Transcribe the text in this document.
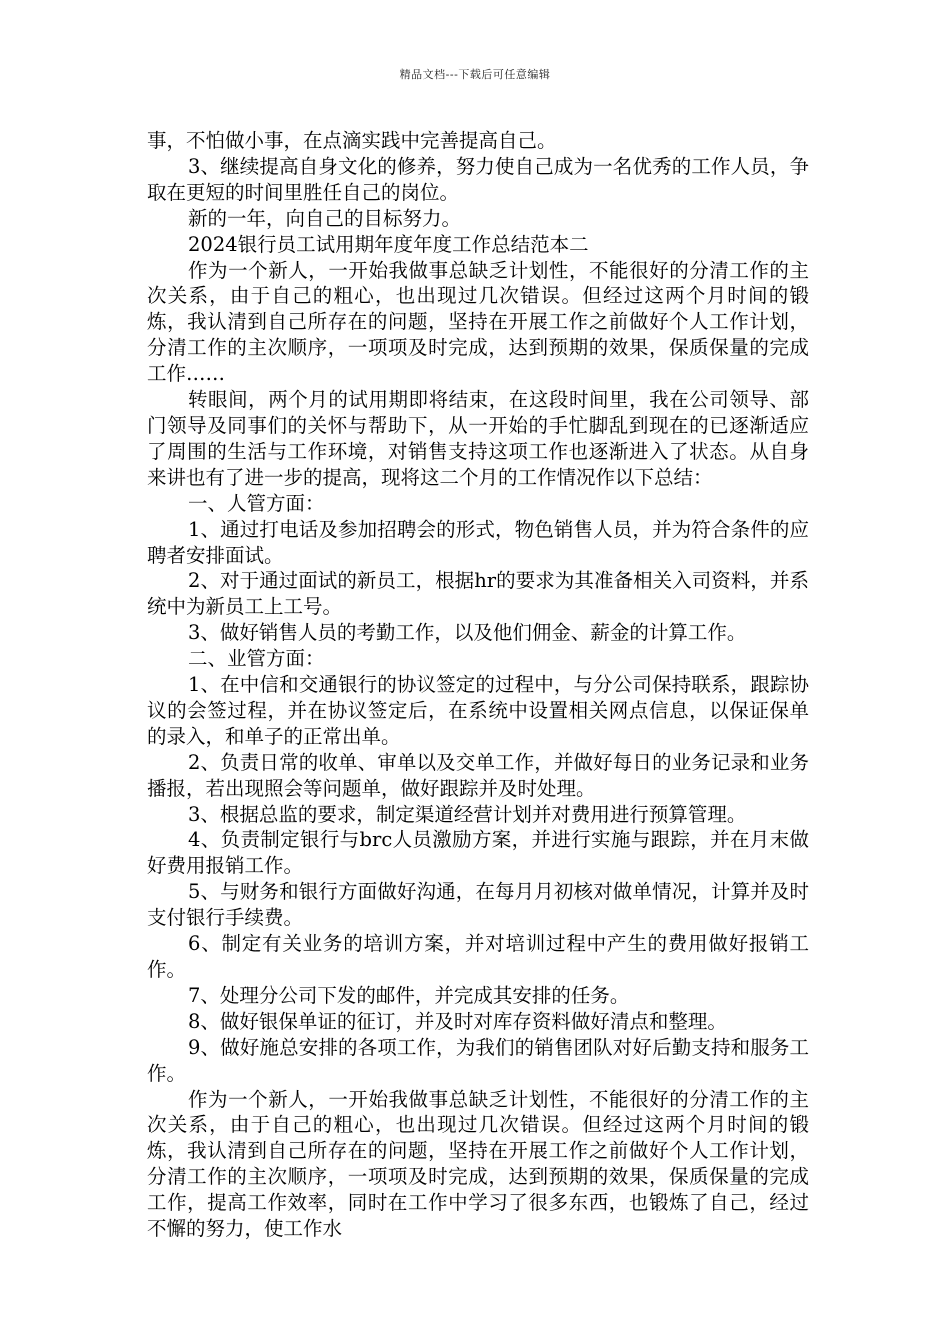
精品文档---下载后可任意编辑

事，不怕做小事，在点滴实践中完善提高自己。

3、继续提高自身文化的修养，努力使自己成为一名优秀的工作人员，争取在更短的时间里胜任自己的岗位。

新的一年，向自己的目标努力。

2024银行员工试用期年度年度工作总结范本二

作为一个新人，一开始我做事总缺乏计划性，不能很好的分清工作的主次关系，由于自己的粗心，也出现过几次错误。但经过这两个月时间的锻炼，我认清到自己所存在的问题，坚持在开展工作之前做好个人工作计划，分清工作的主次顺序，一项项及时完成，达到预期的效果，保质保量的完成工作……

转眼间，两个月的试用期即将结束，在这段时间里，我在公司领导、部门领导及同事们的关怀与帮助下，从一开始的手忙脚乱到现在的已逐渐适应了周围的生活与工作环境，对销售支持这项工作也逐渐进入了状态。从自身来讲也有了进一步的提高，现将这二个月的工作情况作以下总结：

一、人管方面：

1、通过打电话及参加招聘会的形式，物色销售人员，并为符合条件的应聘者安排面试。

2、对于通过面试的新员工，根据hr的要求为其准备相关入司资料，并系统中为新员工上工号。

3、做好销售人员的考勤工作，以及他们佣金、薪金的计算工作。

二、业管方面：

1、在中信和交通银行的协议签定的过程中，与分公司保持联系，跟踪协议的会签过程，并在协议签定后，在系统中设置相关网点信息，以保证保单的录入，和单子的正常出单。

2、负责日常的收单、审单以及交单工作，并做好每日的业务记录和业务播报，若出现照会等问题单，做好跟踪并及时处理。

3、根据总监的要求，制定渠道经营计划并对费用进行预算管理。

4、负责制定银行与brc人员激励方案，并进行实施与跟踪，并在月末做好费用报销工作。

5、与财务和银行方面做好沟通，在每月月初核对做单情况，计算并及时支付银行手续费。

6、制定有关业务的培训方案，并对培训过程中产生的费用做好报销工作。

7、处理分公司下发的邮件，并完成其安排的任务。

8、做好银保单证的征订，并及时对库存资料做好清点和整理。

9、做好施总安排的各项工作，为我们的销售团队对好后勤支持和服务工作。

作为一个新人，一开始我做事总缺乏计划性，不能很好的分清工作的主次关系，由于自己的粗心，也出现过几次错误。但经过这两个月时间的锻炼，我认清到自己所存在的问题，坚持在开展工作之前做好个人工作计划，分清工作的主次顺序，一项项及时完成，达到预期的效果，保质保量的完成工作，提高工作效率，同时在工作中学习了很多东西，也锻炼了自己，经过不懈的努力，使工作水
